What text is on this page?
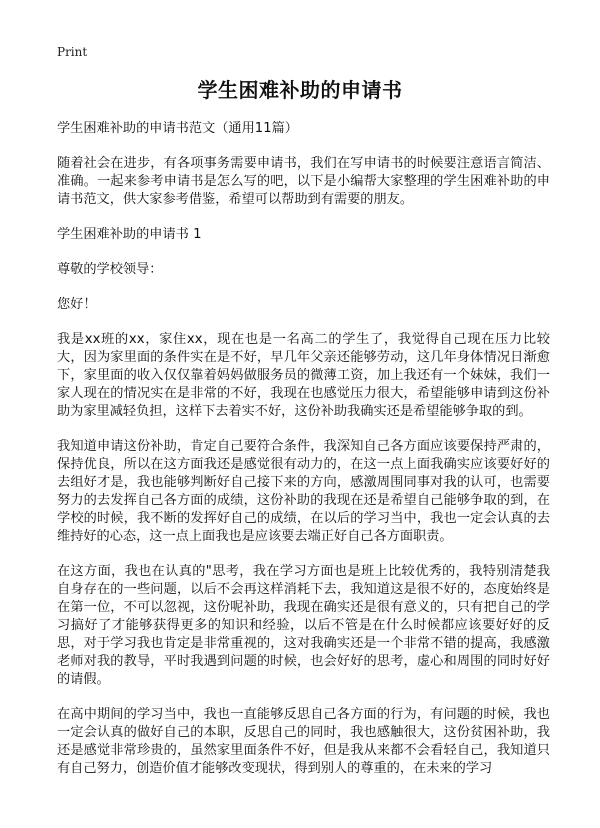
Print
学生困难补助的申请书

学生困难补助的申请书范文（通用11篇）

随着社会在进步，有各项事务需要申请书，我们在写申请书的时候要注意语言简洁、准确。一起来参考申请书是怎么写的吧，以下是小编帮大家整理的学生困难补助的申请书范文，供大家参考借鉴，希望可以帮助到有需要的朋友。

学生困难补助的申请书 1

尊敬的学校领导：

您好！

我是xx班的xx，家住xx，现在也是一名高二的学生了，我觉得自己现在压力比较大，因为家里面的条件实在是不好，早几年父亲还能够劳动，这几年身体情况日渐愈下，家里面的收入仅仅靠着妈妈做服务员的微薄工资，加上我还有一个妹妹，我们一家人现在的情况实在是非常的不好，我现在也感觉压力很大，希望能够申请到这份补助为家里减轻负担，这样下去着实不好，这份补助我确实还是希望能够争取的到。

我知道申请这份补助，肯定自己要符合条件，我深知自己各方面应该要保持严肃的，保持优良，所以在这方面我还是感觉很有动力的，在这一点上面我确实应该要好好的去组好才是，我也能够判断好自己接下来的方向，感激周围同事对我的认可，也需要努力的去发挥自己各方面的成绩，这份补助的我现在还是希望自己能够争取的到，在学校的时候，我不断的发挥好自己的成绩，在以后的学习当中，我也一定会认真的去维持好的心态，这一点上面我也是应该要去端正好自己各方面职责。

在这方面，我也在认真的"思考，我在学习方面也是班上比较优秀的，我特别清楚我自身存在的一些问题，以后不会再这样消耗下去，我知道这是很不好的，态度始终是在第一位，不可以忽视，这份呢补助，我现在确实还是很有意义的，只有把自己的学习搞好了才能够获得更多的知识和经验，以后不管是在什么时候都应该要好好的反思，对于学习我也肯定是非常重视的，这对我确实还是一个非常不错的提高，我感激老师对我的教导，平时我遇到问题的时候，也会好好的思考，虚心和周围的同时好好的请假。

在高中期间的学习当中，我也一直能够反思自己各方面的行为，有问题的时候，我也一定会认真的做好自己的本职，反思自己的同时，我也感触很大，这份贫困补助，我还是感觉非常珍贵的，虽然家里面条件不好，但是我从来都不会看轻自己，我知道只有自己努力，创造价值才能够改变现状，得到别人的尊重的，在未来的学习
